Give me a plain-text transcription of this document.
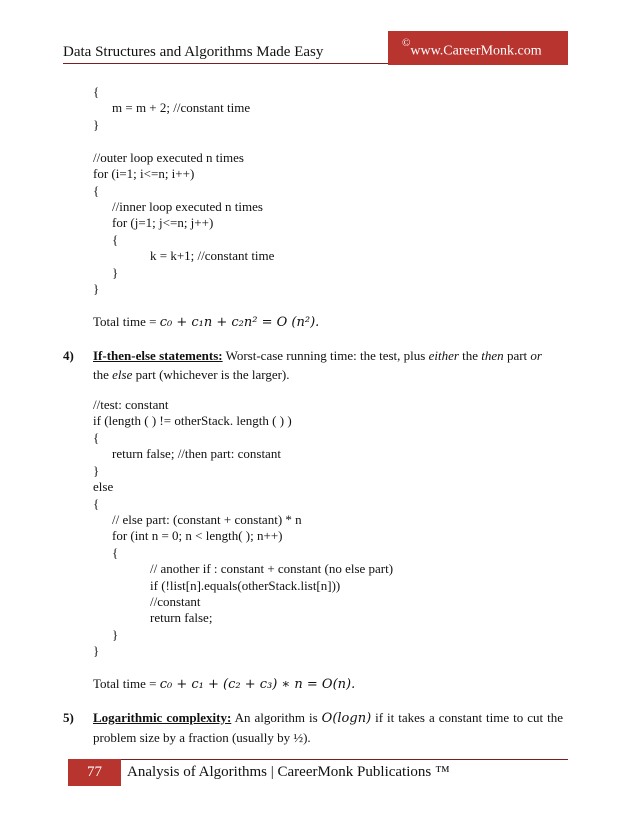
Data Structures and Algorithms Made Easy
©www.CareerMonk.com
{
m = m + 2; //constant time
}
//outer loop executed n times
for (i=1; i<=n; i++)
{
//inner loop executed n times
for (j=1; j<=n; j++)
{
k = k+1; //constant time
}
}
Total time = c₀ + c₁n + c₂n² = O (n²).
4) If-then-else statements: Worst-case running time: the test, plus either the then part or
the else part (whichever is the larger).
//test: constant
if (length ( ) != otherStack. length ( ) )
{
return false; //then part: constant
}
else
{
// else part: (constant + constant) * n
for (int n = 0; n < length( ); n++)
{
// another if : constant + constant (no else part)
if (!list[n].equals(otherStack.list[n]))
//constant
return false;
}
}
Total time = c₀ + c₁ + (c₂ + c₃) ∗ n = O(n).
5) Logarithmic complexity: An algorithm is O(logn) if it takes a constant time to cut the problem size by a fraction (usually by ½).
77	Analysis of Algorithms | CareerMonk Publications ™
